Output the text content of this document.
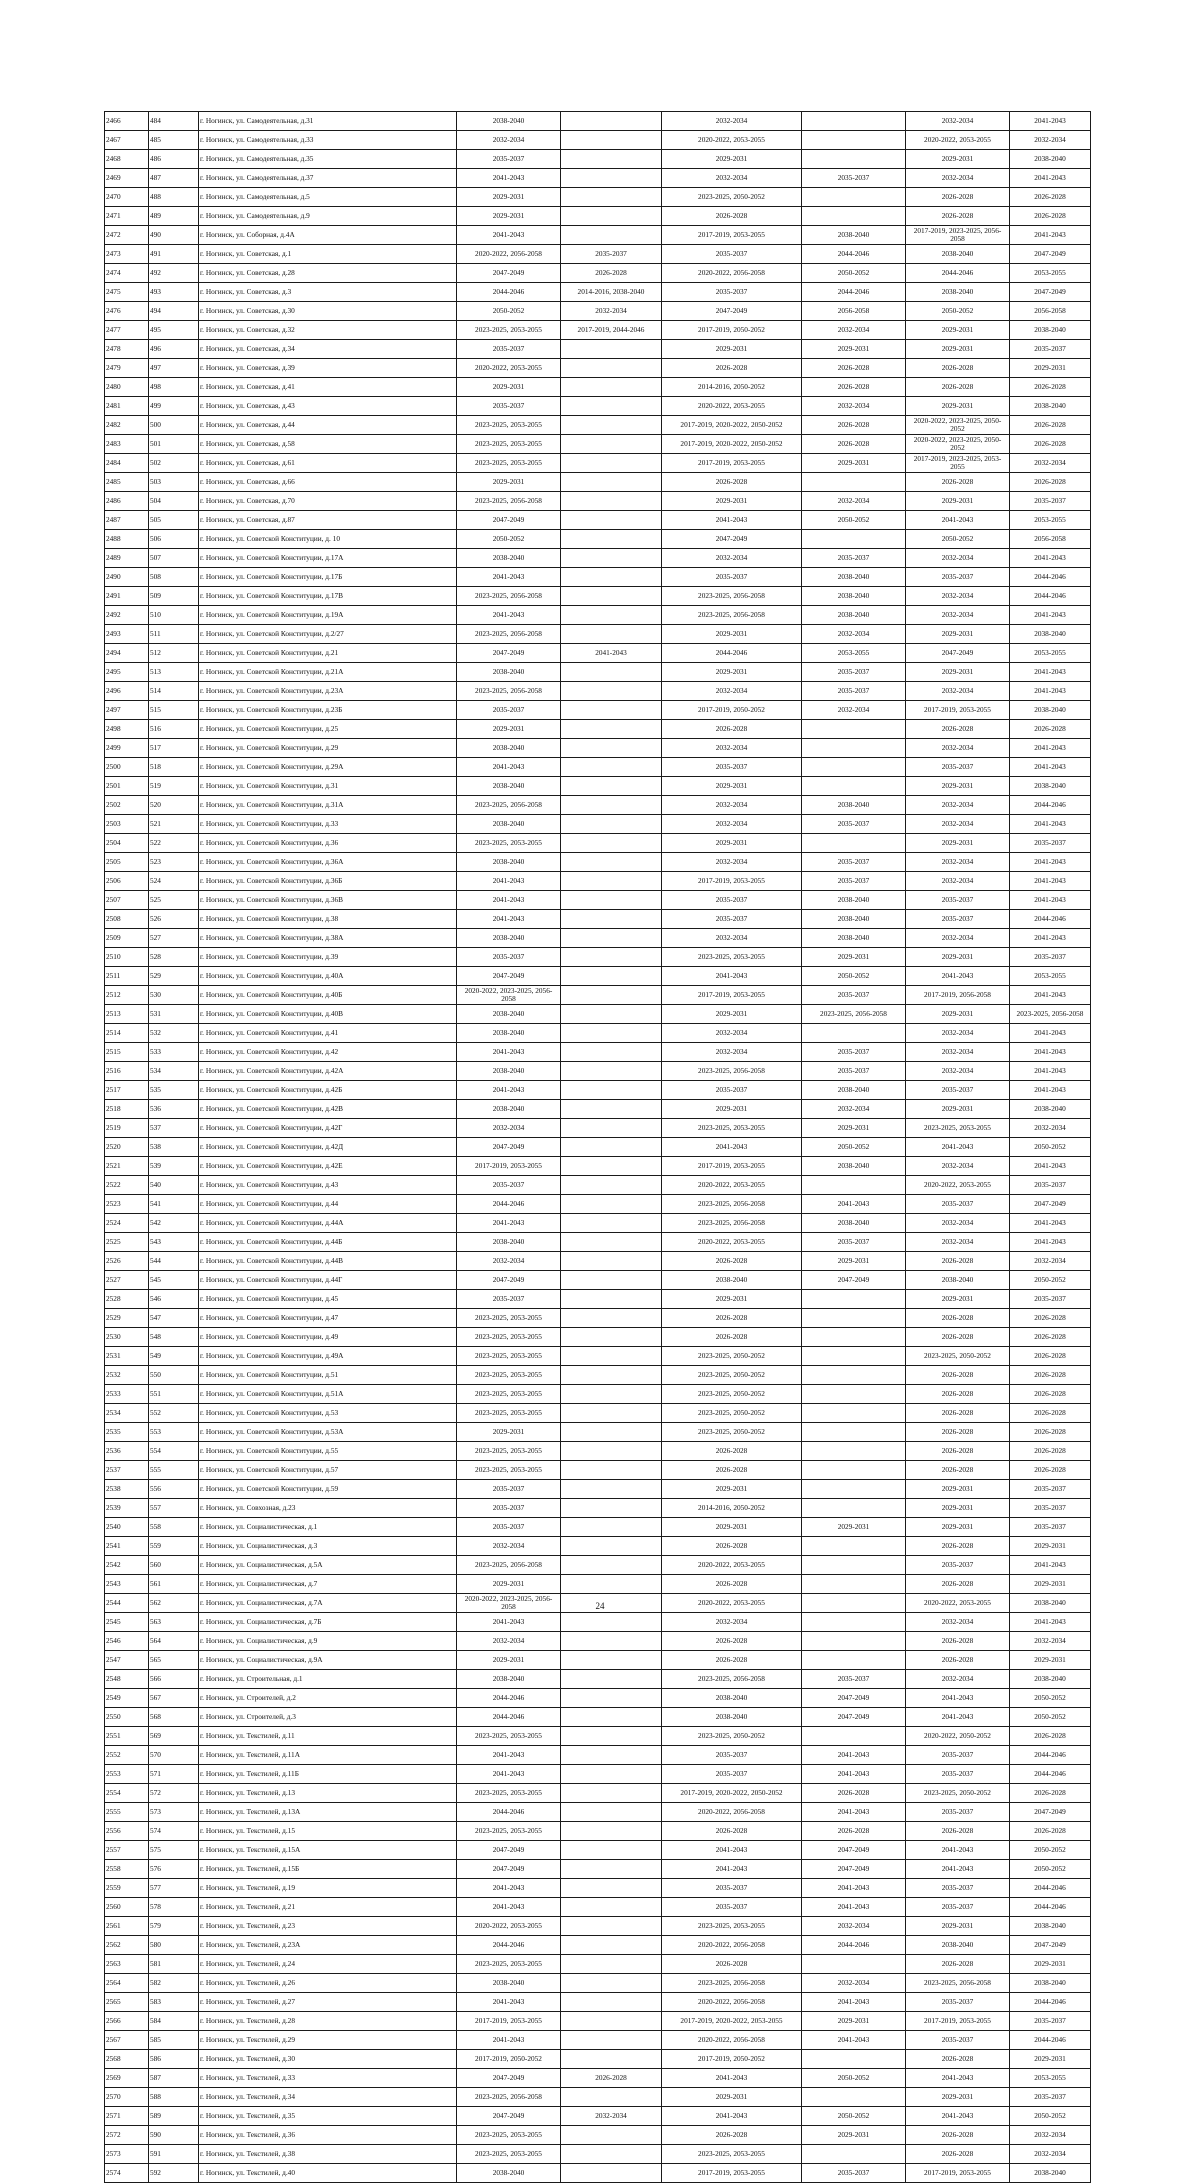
2466	484	г. Ногинск, ул. Самодеятельная, д.31	2038-2040		2032-2034		2032-2034	2041-2043
2467	485	г. Ногинск, ул. Самодеятельная, д.33	2032-2034		2020-2022, 2053-2055		2020-2022, 2053-2055	2032-2034
2468	486	г. Ногинск, ул. Самодеятельная, д.35	2035-2037		2029-2031		2029-2031	2038-2040
2469	487	г. Ногинск, ул. Самодеятельная, д.37	2041-2043		2032-2034	2035-2037	2032-2034	2041-2043
2470	488	г. Ногинск, ул. Самодеятельная, д.5	2029-2031		2023-2025, 2050-2052		2026-2028	2026-2028
2471	489	г. Ногинск, ул. Самодеятельная, д.9	2029-2031		2026-2028		2026-2028	2026-2028
2472	490	г. Ногинск, ул. Соборная, д.4А	2041-2043		2017-2019, 2053-2055	2038-2040	2017-2019, 2023-2025, 2056-2058	2041-2043
2473	491	г. Ногинск, ул. Советская, д.1	2020-2022, 2056-2058	2035-2037	2035-2037	2044-2046	2038-2040	2047-2049
2474	492	г. Ногинск, ул. Советская, д.28	2047-2049	2026-2028	2020-2022, 2056-2058	2050-2052	2044-2046	2053-2055
2475	493	г. Ногинск, ул. Советская, д.3	2044-2046	2014-2016, 2038-2040	2035-2037	2044-2046	2038-2040	2047-2049
2476	494	г. Ногинск, ул. Советская, д.30	2050-2052	2032-2034	2047-2049	2056-2058	2050-2052	2056-2058
2477	495	г. Ногинск, ул. Советская, д.32	2023-2025, 2053-2055	2017-2019, 2044-2046	2017-2019, 2050-2052	2032-2034	2029-2031	2038-2040
2478	496	г. Ногинск, ул. Советская, д.34	2035-2037		2029-2031	2029-2031	2029-2031	2035-2037
2479	497	г. Ногинск, ул. Советская, д.39	2020-2022, 2053-2055		2026-2028	2026-2028	2026-2028	2029-2031
2480	498	г. Ногинск, ул. Советская, д.41	2029-2031		2014-2016, 2050-2052	2026-2028	2026-2028	2026-2028
2481	499	г. Ногинск, ул. Советская, д.43	2035-2037		2020-2022, 2053-2055	2032-2034	2029-2031	2038-2040
2482	500	г. Ногинск, ул. Советская, д.44	2023-2025, 2053-2055		2017-2019, 2020-2022, 2050-2052	2026-2028	2020-2022, 2023-2025, 2050-2052	2026-2028
2483	501	г. Ногинск, ул. Советская, д.58	2023-2025, 2053-2055		2017-2019, 2020-2022, 2050-2052	2026-2028	2020-2022, 2023-2025, 2050-2052	2026-2028
2484	502	г. Ногинск, ул. Советская, д.61	2023-2025, 2053-2055		2017-2019, 2053-2055	2029-2031	2017-2019, 2023-2025, 2053-2055	2032-2034
2485	503	г. Ногинск, ул. Советская, д.66	2029-2031		2026-2028		2026-2028	2026-2028
2486	504	г. Ногинск, ул. Советская, д.70	2023-2025, 2056-2058		2029-2031	2032-2034	2029-2031	2035-2037
2487	505	г. Ногинск, ул. Советская, д.87	2047-2049		2041-2043	2050-2052	2041-2043	2053-2055
2488	506	г. Ногинск, ул. Советской Конституции, д. 10	2050-2052		2047-2049		2050-2052	2056-2058
2489	507	г. Ногинск, ул. Советской Конституции, д.17А	2038-2040		2032-2034	2035-2037	2032-2034	2041-2043
2490	508	г. Ногинск, ул. Советской Конституции, д.17Б	2041-2043		2035-2037	2038-2040	2035-2037	2044-2046
2491	509	г. Ногинск, ул. Советской Конституции, д.17В	2023-2025, 2056-2058		2023-2025, 2056-2058	2038-2040	2032-2034	2044-2046
2492	510	г. Ногинск, ул. Советской Конституции, д.19А	2041-2043		2023-2025, 2056-2058	2038-2040	2032-2034	2041-2043
2493	511	г. Ногинск, ул. Советской Конституции, д.2/27	2023-2025, 2056-2058		2029-2031	2032-2034	2029-2031	2038-2040
2494	512	г. Ногинск, ул. Советской Конституции, д.21	2047-2049	2041-2043	2044-2046	2053-2055	2047-2049	2053-2055
2495	513	г. Ногинск, ул. Советской Конституции, д.21А	2038-2040		2029-2031	2035-2037	2029-2031	2041-2043
2496	514	г. Ногинск, ул. Советской Конституции, д.23А	2023-2025, 2056-2058		2032-2034	2035-2037	2032-2034	2041-2043
2497	515	г. Ногинск, ул. Советской Конституции, д.23Б	2035-2037		2017-2019, 2050-2052	2032-2034	2017-2019, 2053-2055	2038-2040
2498	516	г. Ногинск, ул. Советской Конституции, д.25	2029-2031		2026-2028		2026-2028	2026-2028
2499	517	г. Ногинск, ул. Советской Конституции, д.29	2038-2040		2032-2034		2032-2034	2041-2043
2500	518	г. Ногинск, ул. Советской Конституции, д.29А	2041-2043		2035-2037		2035-2037	2041-2043
2501	519	г. Ногинск, ул. Советской Конституции, д.31	2038-2040		2029-2031		2029-2031	2038-2040
2502	520	г. Ногинск, ул. Советской Конституции, д.31А	2023-2025, 2056-2058		2032-2034	2038-2040	2032-2034	2044-2046
2503	521	г. Ногинск, ул. Советской Конституции, д.33	2038-2040		2032-2034	2035-2037	2032-2034	2041-2043
2504	522	г. Ногинск, ул. Советской Конституции, д.36	2023-2025, 2053-2055		2029-2031		2029-2031	2035-2037
2505	523	г. Ногинск, ул. Советской Конституции, д.36А	2038-2040		2032-2034	2035-2037	2032-2034	2041-2043
2506	524	г. Ногинск, ул. Советской Конституции, д.36Б	2041-2043		2017-2019, 2053-2055	2035-2037	2032-2034	2041-2043
2507	525	г. Ногинск, ул. Советской Конституции, д.36В	2041-2043		2035-2037	2038-2040	2035-2037	2041-2043
2508	526	г. Ногинск, ул. Советской Конституции, д.38	2041-2043		2035-2037	2038-2040	2035-2037	2044-2046
2509	527	г. Ногинск, ул. Советской Конституции, д.38А	2038-2040		2032-2034	2038-2040	2032-2034	2041-2043
2510	528	г. Ногинск, ул. Советской Конституции, д.39	2035-2037		2023-2025, 2053-2055	2029-2031	2029-2031	2035-2037
2511	529	г. Ногинск, ул. Советской Конституции, д.40А	2047-2049		2041-2043	2050-2052	2041-2043	2053-2055
2512	530	г. Ногинск, ул. Советской Конституции, д.40Б	2020-2022, 2023-2025, 2056-2058		2017-2019, 2053-2055	2035-2037	2017-2019, 2056-2058	2041-2043
2513	531	г. Ногинск, ул. Советской Конституции, д.40В	2038-2040		2029-2031	2023-2025, 2056-2058	2029-2031	2023-2025, 2056-2058
2514	532	г. Ногинск, ул. Советской Конституции, д.41	2038-2040		2032-2034		2032-2034	2041-2043
2515	533	г. Ногинск, ул. Советской Конституции, д.42	2041-2043		2032-2034	2035-2037	2032-2034	2041-2043
2516	534	г. Ногинск, ул. Советской Конституции, д.42А	2038-2040		2023-2025, 2056-2058	2035-2037	2032-2034	2041-2043
2517	535	г. Ногинск, ул. Советской Конституции, д.42Б	2041-2043		2035-2037	2038-2040	2035-2037	2041-2043
2518	536	г. Ногинск, ул. Советской Конституции, д.42В	2038-2040		2029-2031	2032-2034	2029-2031	2038-2040
2519	537	г. Ногинск, ул. Советской Конституции, д.42Г	2032-2034		2023-2025, 2053-2055	2029-2031	2023-2025, 2053-2055	2032-2034
2520	538	г. Ногинск, ул. Советской Конституции, д.42Д	2047-2049		2041-2043	2050-2052	2041-2043	2050-2052
2521	539	г. Ногинск, ул. Советской Конституции, д.42Е	2017-2019, 2053-2055		2017-2019, 2053-2055	2038-2040	2032-2034	2041-2043
2522	540	г. Ногинск, ул. Советской Конституции, д.43	2035-2037		2020-2022, 2053-2055		2020-2022, 2053-2055	2035-2037
2523	541	г. Ногинск, ул. Советской Конституции, д.44	2044-2046		2023-2025, 2056-2058	2041-2043	2035-2037	2047-2049
2524	542	г. Ногинск, ул. Советской Конституции, д.44А	2041-2043		2023-2025, 2056-2058	2038-2040	2032-2034	2041-2043
2525	543	г. Ногинск, ул. Советской Конституции, д.44Б	2038-2040		2020-2022, 2053-2055	2035-2037	2032-2034	2041-2043
2526	544	г. Ногинск, ул. Советской Конституции, д.44В	2032-2034		2026-2028	2029-2031	2026-2028	2032-2034
2527	545	г. Ногинск, ул. Советской Конституции, д.44Г	2047-2049		2038-2040	2047-2049	2038-2040	2050-2052
2528	546	г. Ногинск, ул. Советской Конституции, д.45	2035-2037		2029-2031		2029-2031	2035-2037
2529	547	г. Ногинск, ул. Советской Конституции, д.47	2023-2025, 2053-2055		2026-2028		2026-2028	2026-2028
2530	548	г. Ногинск, ул. Советской Конституции, д.49	2023-2025, 2053-2055		2026-2028		2026-2028	2026-2028
2531	549	г. Ногинск, ул. Советской Конституции, д.49А	2023-2025, 2053-2055		2023-2025, 2050-2052		2023-2025, 2050-2052	2026-2028
2532	550	г. Ногинск, ул. Советской Конституции, д.51	2023-2025, 2053-2055		2023-2025, 2050-2052		2026-2028	2026-2028
2533	551	г. Ногинск, ул. Советской Конституции, д.51А	2023-2025, 2053-2055		2023-2025, 2050-2052		2026-2028	2026-2028
2534	552	г. Ногинск, ул. Советской Конституции, д.53	2023-2025, 2053-2055		2023-2025, 2050-2052		2026-2028	2026-2028
2535	553	г. Ногинск, ул. Советской Конституции, д.53А	2029-2031		2023-2025, 2050-2052		2026-2028	2026-2028
2536	554	г. Ногинск, ул. Советской Конституции, д.55	2023-2025, 2053-2055		2026-2028		2026-2028	2026-2028
2537	555	г. Ногинск, ул. Советской Конституции, д.57	2023-2025, 2053-2055		2026-2028		2026-2028	2026-2028
2538	556	г. Ногинск, ул. Советской Конституции, д.59	2035-2037		2029-2031		2029-2031	2035-2037
2539	557	г. Ногинск, ул. Совхозная, д.23	2035-2037		2014-2016, 2050-2052		2029-2031	2035-2037
2540	558	г. Ногинск, ул. Социалистическая, д.1	2035-2037		2029-2031	2029-2031	2029-2031	2035-2037
2541	559	г. Ногинск, ул. Социалистическая, д.3	2032-2034		2026-2028		2026-2028	2029-2031
2542	560	г. Ногинск, ул. Социалистическая, д.5А	2023-2025, 2056-2058		2020-2022, 2053-2055		2035-2037	2041-2043
2543	561	г. Ногинск, ул. Социалистическая, д.7	2029-2031		2026-2028		2026-2028	2029-2031
2544	562	г. Ногинск, ул. Социалистическая, д.7А	2020-2022, 2023-2025, 2056-2058		2020-2022, 2053-2055		2020-2022, 2053-2055	2038-2040
2545	563	г. Ногинск, ул. Социалистическая, д.7Б	2041-2043		2032-2034		2032-2034	2041-2043
2546	564	г. Ногинск, ул. Социалистическая, д.9	2032-2034		2026-2028		2026-2028	2032-2034
2547	565	г. Ногинск, ул. Социалистическая, д.9А	2029-2031		2026-2028		2026-2028	2029-2031
2548	566	г. Ногинск, ул. Строительная, д.1	2038-2040		2023-2025, 2056-2058	2035-2037	2032-2034	2038-2040
2549	567	г. Ногинск, ул. Строителей, д.2	2044-2046		2038-2040	2047-2049	2041-2043	2050-2052
2550	568	г. Ногинск, ул. Строителей, д.3	2044-2046		2038-2040	2047-2049	2041-2043	2050-2052
2551	569	г. Ногинск, ул. Текстилей, д.11	2023-2025, 2053-2055		2023-2025, 2050-2052		2020-2022, 2050-2052	2026-2028
2552	570	г. Ногинск, ул. Текстилей, д.11А	2041-2043		2035-2037	2041-2043	2035-2037	2044-2046
2553	571	г. Ногинск, ул. Текстилей, д.11Б	2041-2043		2035-2037	2041-2043	2035-2037	2044-2046
2554	572	г. Ногинск, ул. Текстилей, д.13	2023-2025, 2053-2055		2017-2019, 2020-2022, 2050-2052	2026-2028	2023-2025, 2050-2052	2026-2028
2555	573	г. Ногинск, ул. Текстилей, д.13А	2044-2046		2020-2022, 2056-2058	2041-2043	2035-2037	2047-2049
2556	574	г. Ногинск, ул. Текстилей, д.15	2023-2025, 2053-2055		2026-2028	2026-2028	2026-2028	2026-2028
2557	575	г. Ногинск, ул. Текстилей, д.15А	2047-2049		2041-2043	2047-2049	2041-2043	2050-2052
2558	576	г. Ногинск, ул. Текстилей, д.15Б	2047-2049		2041-2043	2047-2049	2041-2043	2050-2052
2559	577	г. Ногинск, ул. Текстилей, д.19	2041-2043		2035-2037	2041-2043	2035-2037	2044-2046
2560	578	г. Ногинск, ул. Текстилей, д.21	2041-2043		2035-2037	2041-2043	2035-2037	2044-2046
2561	579	г. Ногинск, ул. Текстилей, д.23	2020-2022, 2053-2055		2023-2025, 2053-2055	2032-2034	2029-2031	2038-2040
2562	580	г. Ногинск, ул. Текстилей, д.23А	2044-2046		2020-2022, 2056-2058	2044-2046	2038-2040	2047-2049
2563	581	г. Ногинск, ул. Текстилей, д.24	2023-2025, 2053-2055		2026-2028		2026-2028	2029-2031
2564	582	г. Ногинск, ул. Текстилей, д.26	2038-2040		2023-2025, 2056-2058	2032-2034	2023-2025, 2056-2058	2038-2040
2565	583	г. Ногинск, ул. Текстилей, д.27	2041-2043		2020-2022, 2056-2058	2041-2043	2035-2037	2044-2046
2566	584	г. Ногинск, ул. Текстилей, д.28	2017-2019, 2053-2055		2017-2019, 2020-2022, 2053-2055	2029-2031	2017-2019, 2053-2055	2035-2037
2567	585	г. Ногинск, ул. Текстилей, д.29	2041-2043		2020-2022, 2056-2058	2041-2043	2035-2037	2044-2046
2568	586	г. Ногинск, ул. Текстилей, д.30	2017-2019, 2050-2052		2017-2019, 2050-2052		2026-2028	2029-2031
2569	587	г. Ногинск, ул. Текстилей, д.33	2047-2049	2026-2028	2041-2043	2050-2052	2041-2043	2053-2055
2570	588	г. Ногинск, ул. Текстилей, д.34	2023-2025, 2056-2058		2029-2031		2029-2031	2035-2037
2571	589	г. Ногинск, ул. Текстилей, д.35	2047-2049	2032-2034	2041-2043	2050-2052	2041-2043	2050-2052
2572	590	г. Ногинск, ул. Текстилей, д.36	2023-2025, 2053-2055		2026-2028	2029-2031	2026-2028	2032-2034
2573	591	г. Ногинск, ул. Текстилей, д.38	2023-2025, 2053-2055		2023-2025, 2053-2055		2026-2028	2032-2034
2574	592	г. Ногинск, ул. Текстилей, д.40	2038-2040		2017-2019, 2053-2055	2035-2037	2017-2019, 2053-2055	2038-2040
24
